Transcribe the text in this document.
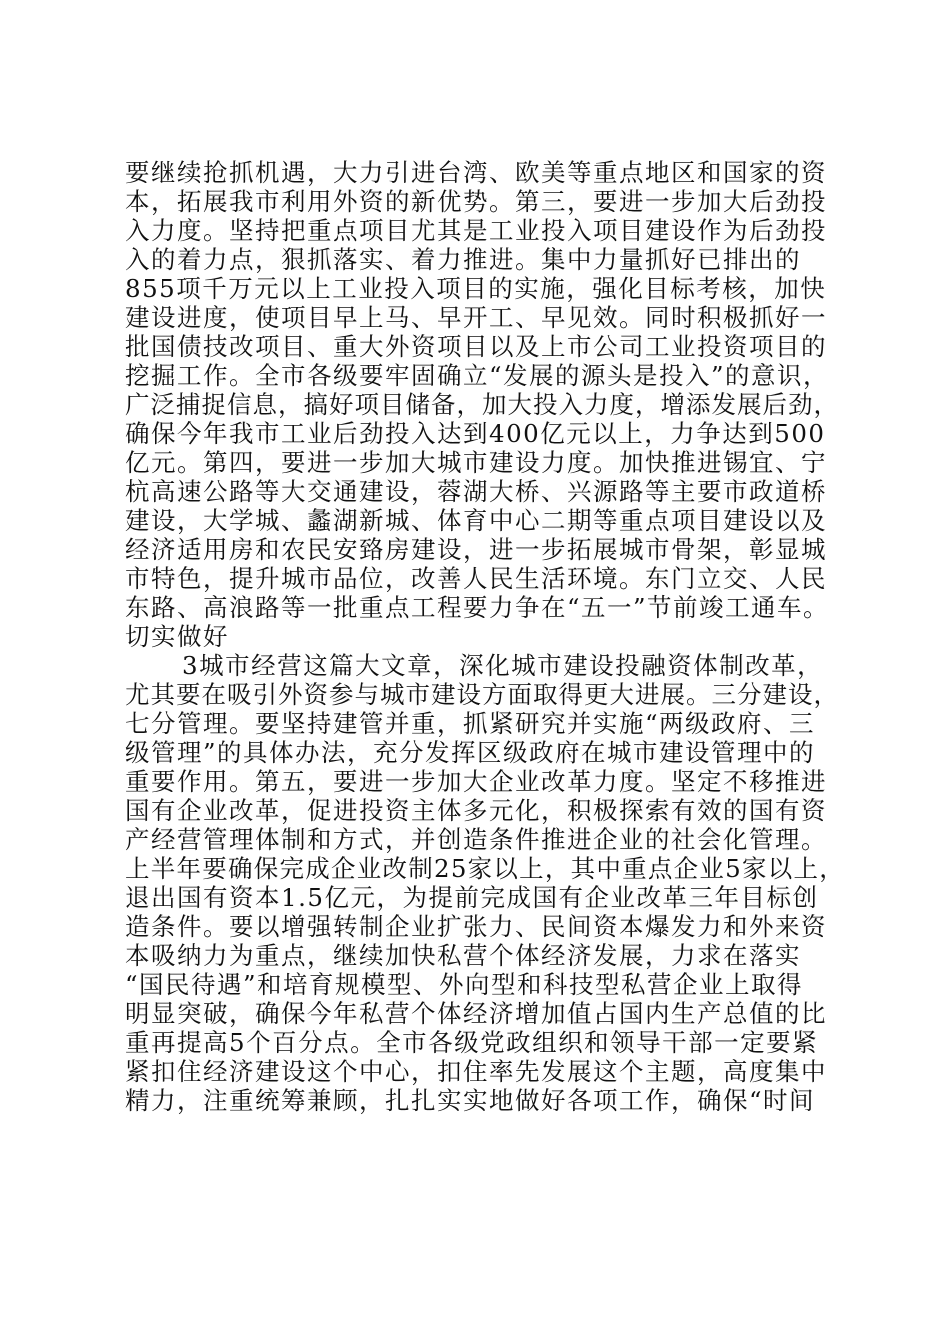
要继续抢抓机遇，大力引进台湾、欧美等重点地区和国家的资
本，拓展我市利用外资的新优势。第三，要进一步加大后劲投
入力度。坚持把重点项目尤其是工业投入项目建设作为后劲投
入的着力点，狠抓落实、着力推进。集中力量抓好已排出的
855项千万元以上工业投入项目的实施，强化目标考核，加快
建设进度，使项目早上马、早开工、早见效。同时积极抓好一
批国债技改项目、重大外资项目以及上市公司工业投资项目的
挖掘工作。全市各级要牢固确立“发展的源头是投入”的意识，
广泛捕捉信息，搞好项目储备，加大投入力度，增添发展后劲，
确保今年我市工业后劲投入达到400亿元以上，力争达到500
亿元。第四，要进一步加大城市建设力度。加快推进锡宜、宁
杭高速公路等大交通建设，蓉湖大桥、兴源路等主要市政道桥
建设，大学城、蠡湖新城、体育中心二期等重点项目建设以及
经济适用房和农民安臵房建设，进一步拓展城市骨架，彰显城
市特色，提升城市品位，改善人民生活环境。东门立交、人民
东路、高浪路等一批重点工程要力争在“五一”节前竣工通车。
切实做好
3城市经营这篇大文章，深化城市建设投融资体制改革，
尤其要在吸引外资参与城市建设方面取得更大进展。三分建设，
七分管理。要坚持建管并重，抓紧研究并实施“两级政府、三
级管理”的具体办法，充分发挥区级政府在城市建设管理中的
重要作用。第五，要进一步加大企业改革力度。坚定不移推进
国有企业改革，促进投资主体多元化，积极探索有效的国有资
产经营管理体制和方式，并创造条件推进企业的社会化管理。
上半年要确保完成企业改制25家以上，其中重点企业5家以上，
退出国有资本1.5亿元，为提前完成国有企业改革三年目标创
造条件。要以增强转制企业扩张力、民间资本爆发力和外来资
本吸纳力为重点，继续加快私营个体经济发展，力求在落实
“国民待遇”和培育规模型、外向型和科技型私营企业上取得
明显突破，确保今年私营个体经济增加值占国内生产总值的比
重再提高5个百分点。全市各级党政组织和领导干部一定要紧
紧扣住经济建设这个中心，扣住率先发展这个主题，高度集中
精力，注重统筹兼顾，扎扎实实地做好各项工作，确保“时间
